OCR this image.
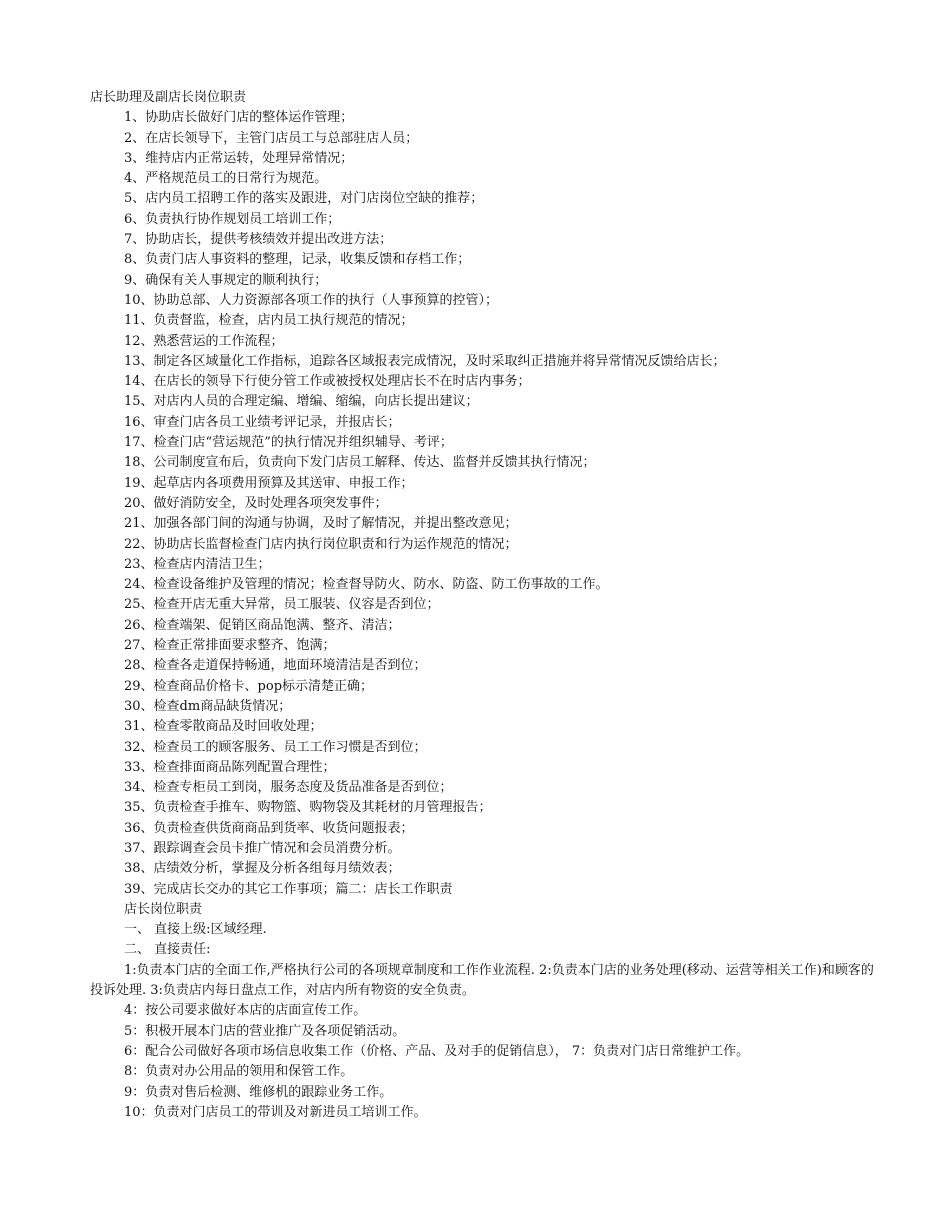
店长助理及副店长岗位职责
1、协助店长做好门店的整体运作管理；
2、在店长领导下，主管门店员工与总部驻店人员；
3、维持店内正常运转，处理异常情况；
4、严格规范员工的日常行为规范。
5、店内员工招聘工作的落实及跟进，对门店岗位空缺的推荐；
6、负责执行协作规划员工培训工作；
7、协助店长，提供考核绩效并提出改进方法；
8、负责门店人事资料的整理，记录，收集反馈和存档工作；
9、确保有关人事规定的顺利执行；
10、协助总部、人力资源部各项工作的执行（人事预算的控管）；
11、负责督监，检查，店内员工执行规范的情况；
12、熟悉营运的工作流程；
13、制定各区域量化工作指标，追踪各区域报表完成情况，及时采取纠正措施并将异常情况反馈给店长；
14、在店长的领导下行使分管工作或被授权处理店长不在时店内事务；
15、对店内人员的合理定编、增编、缩编，向店长提出建议；
16、审查门店各员工业绩考评记录，并报店长；
17、检查门店“营运规范”的执行情况并组织辅导、考评；
18、公司制度宣布后，负责向下发门店员工解释、传达、监督并反馈其执行情况；
19、起草店内各项费用预算及其送审、申报工作；
20、做好消防安全，及时处理各项突发事件；
21、加强各部门间的沟通与协调，及时了解情况，并提出整改意见；
22、协助店长监督检查门店内执行岗位职责和行为运作规范的情况；
23、检查店内清洁卫生；
24、检查设备维护及管理的情况；检查督导防火、防水、防盗、防工伤事故的工作。
25、检查开店无重大异常，员工服装、仪容是否到位；
26、检查端架、促销区商品饱满、整齐、清洁；
27、检查正常排面要求整齐、饱满；
28、检查各走道保持畅通，地面环境清洁是否到位；
29、检查商品价格卡、pop标示清楚正确；
30、检查dm商品缺货情况；
31、检查零散商品及时回收处理；
32、检查员工的顾客服务、员工工作习惯是否到位；
33、检查排面商品陈列配置合理性；
34、检查专柜员工到岗，服务态度及货品准备是否到位；
35、负责检查手推车、购物篮、购物袋及其耗材的月管理报告；
36、负责检查供货商商品到货率、收货问题报表；
37、跟踪调查会员卡推广情况和会员消费分析。
38、店绩效分析，掌握及分析各组每月绩效表；
39、完成店长交办的其它工作事项；篇二：店长工作职责
店长岗位职责
一、 直接上级:区域经理.
二、 直接责任:
1:负责本门店的全面工作,严格执行公司的各项规章制度和工作作业流程. 2:负责本门店的业务处理(移动、运营等相关工作)和顾客的投诉处理. 3:负责店内每日盘点工作，对店内所有物资的安全负责。
4：按公司要求做好本店的店面宣传工作。
5：积极开展本门店的营业推广及各项促销活动。
6：配合公司做好各项市场信息收集工作（价格、产品、及对手的促销信息）， 7：负责对门店日常维护工作。
8：负责对办公用品的领用和保管工作。
9：负责对售后检测、维修机的跟踪业务工作。
10：负责对门店员工的带训及对新进员工培训工作。
